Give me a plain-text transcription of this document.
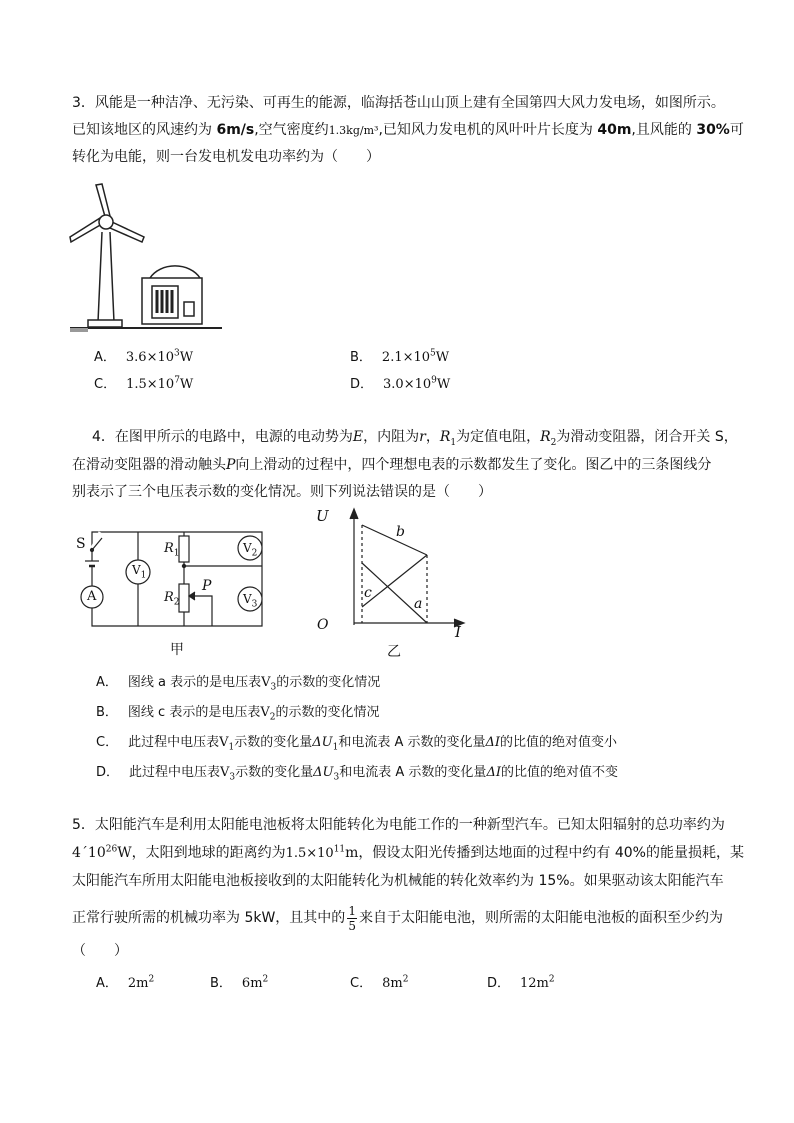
3．风能是一种洁净、无污染、可再生的能源，临海括苍山山顶上建有全国第四大风力发电场，如图所示。
已知该地区的风速约为 6m/s,空气密度约1.3kg/m³,已知风力发电机的风叶叶片长度为 40m,且风能的 30%可
转化为电能，则一台发电机发电功率约为（　　）
A． $3.6\times 10^3W$	B． $2.1\times 10^5W$
C． $1.5\times 10^7W$	D． $3.0\times 10^9W$
4．在图甲所示的电路中，电源的电动势为E，内阻为r，$R_1$为定值电阻，$R_2$为滑动变阻器，闭合开关 S，
在滑动变阻器的滑动触头P向上滑动的过程中，四个理想电表的示数都发生了变化。图乙中的三条图线分
别表示了三个电压表示数的变化情况。则下列说法错误的是（　　）
S
A
$V_1$
$R_1$
$R_2$
P
$V_2$
$V_3$
甲
U
I
O
b
c
a
乙
A． 图线 a 表示的是电压表$V_3$的示数的变化情况
B． 图线 c 表示的是电压表$V_2$的示数的变化情况
C． 此过程中电压表$V_1$示数的变化量$\Delta U_1$和电流表 A 示数的变化量ΔI的比值的绝对值变小
D． 此过程中电压表$V_3$示数的变化量$\Delta U_3$和电流表 A 示数的变化量ΔI的比值的绝对值不变
5．太阳能汽车是利用太阳能电池板将太阳能转化为电能工作的一种新型汽车。已知太阳辐射的总功率约为
$4´10^{26}W$，太阳到地球的距离约为$1.5\times 10^{11}m$，假设太阳光传播到达地面的过程中约有 40%的能量损耗，某
太阳能汽车所用太阳能电池板接收到的太阳能转化为机械能的转化效率约为 15%。如果驱动该太阳能汽车
正常行驶所需的机械功率为 5kW，且其中的 $\frac{1}{5}$ 来自于太阳能电池，则所需的太阳能电池板的面积至少约为
（　　）
A． $2m^2$	B． $6m^2$	C． $8m^2$	D． $12m^2$
